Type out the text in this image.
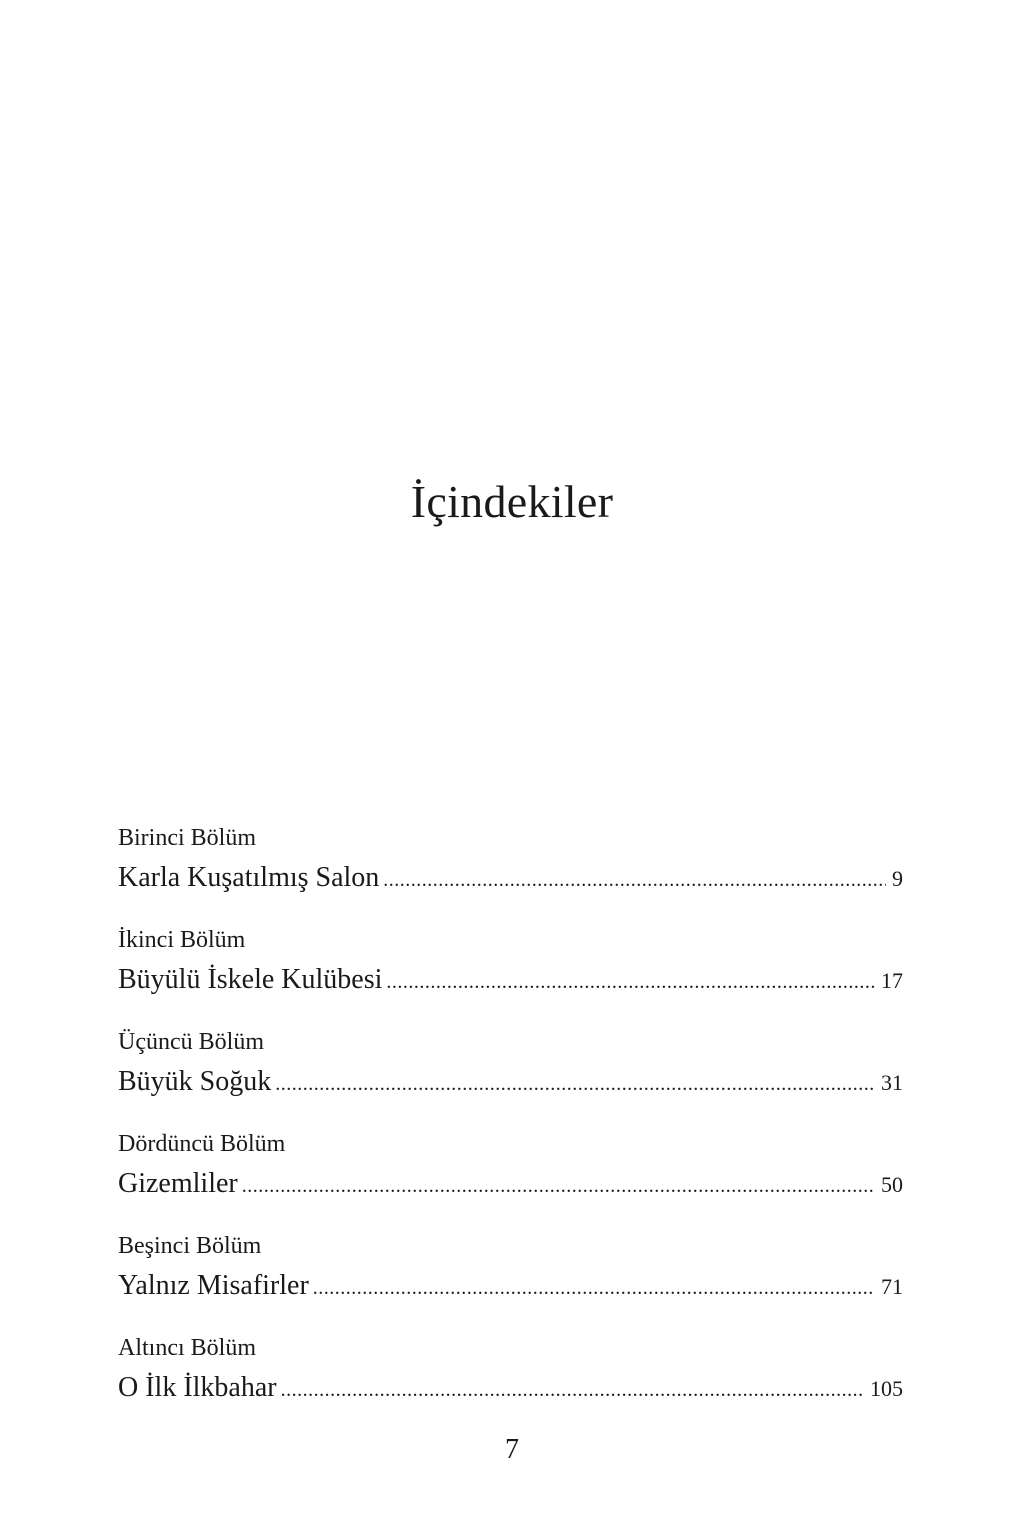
İçindekiler
Birinci Bölüm
Karla Kuşatılmış Salon .....	9
İkinci Bölüm
Büyülü İskele Kulübesi .....	17
Üçüncü Bölüm
Büyük Soğuk .....	31
Dördüncü Bölüm
Gizemliler .....	50
Beşinci Bölüm
Yalnız Misafirler .....	71
Altıncı Bölüm
O İlk İlkbahar .....	105
7
